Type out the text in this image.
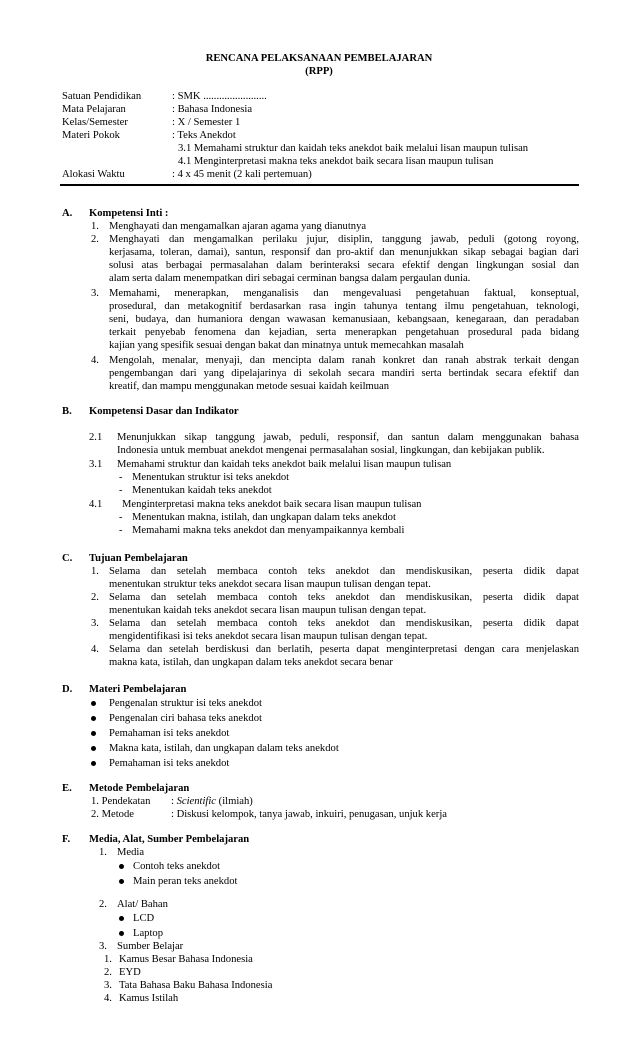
RENCANA PELAKSANAAN PEMBELAJARAN
(RPP)
Satuan Pendidikan	: SMK ........................
Mata Pelajaran	: Bahasa Indonesia
Kelas/Semester	: X / Semester 1
Materi Pokok	: Teks Anekdot
3.1 Memahami struktur dan kaidah teks anekdot baik melalui lisan maupun tulisan
4.1 Menginterpretasi makna teks anekdot baik secara lisan maupun tulisan
Alokasi Waktu	: 4 x 45 menit (2 kali pertemuan)
A. Kompetensi Inti :
1. Menghayati dan mengamalkan ajaran agama yang dianutnya
2. Menghayati dan mengamalkan perilaku jujur, disiplin, tanggung jawab, peduli (gotong royong,
kerjasama, toleran, damai), santun, responsif dan pro-aktif dan menunjukkan sikap sebagai bagian dari
solusi atas berbagai permasalahan dalam berinteraksi secara efektif dengan lingkungan sosial dan
alam serta dalam menempatkan diri sebagai cerminan bangsa dalam pergaulan dunia.
3. Memahami, menerapkan, menganalisis dan mengevaluasi pengetahuan faktual, konseptual,
prosedural, dan metakognitif berdasarkan rasa ingin tahunya tentang ilmu pengetahuan, teknologi,
seni, budaya, dan humaniora dengan wawasan kemanusiaan, kebangsaan, kenegaraan, dan peradaban
terkait penyebab fenomena dan kejadian, serta menerapkan pengetahuan prosedural pada bidang
kajian yang spesifik sesuai dengan bakat dan minatnya untuk memecahkan masalah
4. Mengolah, menalar, menyaji, dan mencipta dalam ranah konkret dan ranah abstrak terkait dengan
pengembangan dari yang dipelajarinya di sekolah secara mandiri serta bertindak secara efektif dan
kreatif, dan mampu menggunakan metode sesuai kaidah keilmuan
B. Kompetensi Dasar dan Indikator
2.1 Menunjukkan sikap tanggung jawab, peduli, responsif, dan santun dalam menggunakan bahasa
Indonesia untuk membuat anekdot mengenai permasalahan sosial, lingkungan, dan kebijakan publik.
3.1 Memahami struktur dan kaidah teks anekdot baik melalui lisan maupun tulisan
- Menentukan struktur isi teks anekdot
- Menentukan kaidah teks anekdot
4.1 Menginterpretasi makna teks anekdot baik secara lisan maupun tulisan
- Menentukan makna, istilah, dan ungkapan dalam teks anekdot
- Memahami makna teks anekdot dan menyampaikannya kembali
C. Tujuan Pembelajaran
1. Selama dan setelah membaca contoh teks anekdot dan mendiskusikan, peserta didik dapat
menentukan struktur teks anekdot secara lisan maupun tulisan dengan tepat.
2. Selama dan setelah membaca contoh teks anekdot dan mendiskusikan, peserta didik dapat
menentukan kaidah teks anekdot secara lisan maupun tulisan dengan tepat.
3. Selama dan setelah membaca contoh teks anekdot dan mendiskusikan, peserta didik dapat
mengidentifikasi isi teks anekdot secara lisan maupun tulisan dengan tepat.
4. Selama dan setelah berdiskusi dan berlatih, peserta dapat menginterpretasi dengan cara menjelaskan
makna kata, istilah, dan ungkapan dalam teks anekdot secara benar
D. Materi Pembelajaran
Pengenalan struktur isi teks anekdot
Pengenalan ciri bahasa teks anekdot
Pemahaman isi teks anekdot
Makna kata, istilah, dan ungkapan dalam teks anekdot
Pemahaman isi teks anekdot
E. Metode Pembelajaran
1. Pendekatan : Scientific (ilmiah)
2. Metode	: Diskusi kelompok, tanya jawab, inkuiri, penugasan, unjuk kerja
F. Media, Alat, Sumber Pembelajaran
1. Media
Contoh teks anekdot
Main peran teks anekdot
2. Alat/ Bahan
LCD
Laptop
3. Sumber Belajar
1. Kamus Besar Bahasa Indonesia
2. EYD
3. Tata Bahasa Baku Bahasa Indonesia
4. Kamus Istilah
